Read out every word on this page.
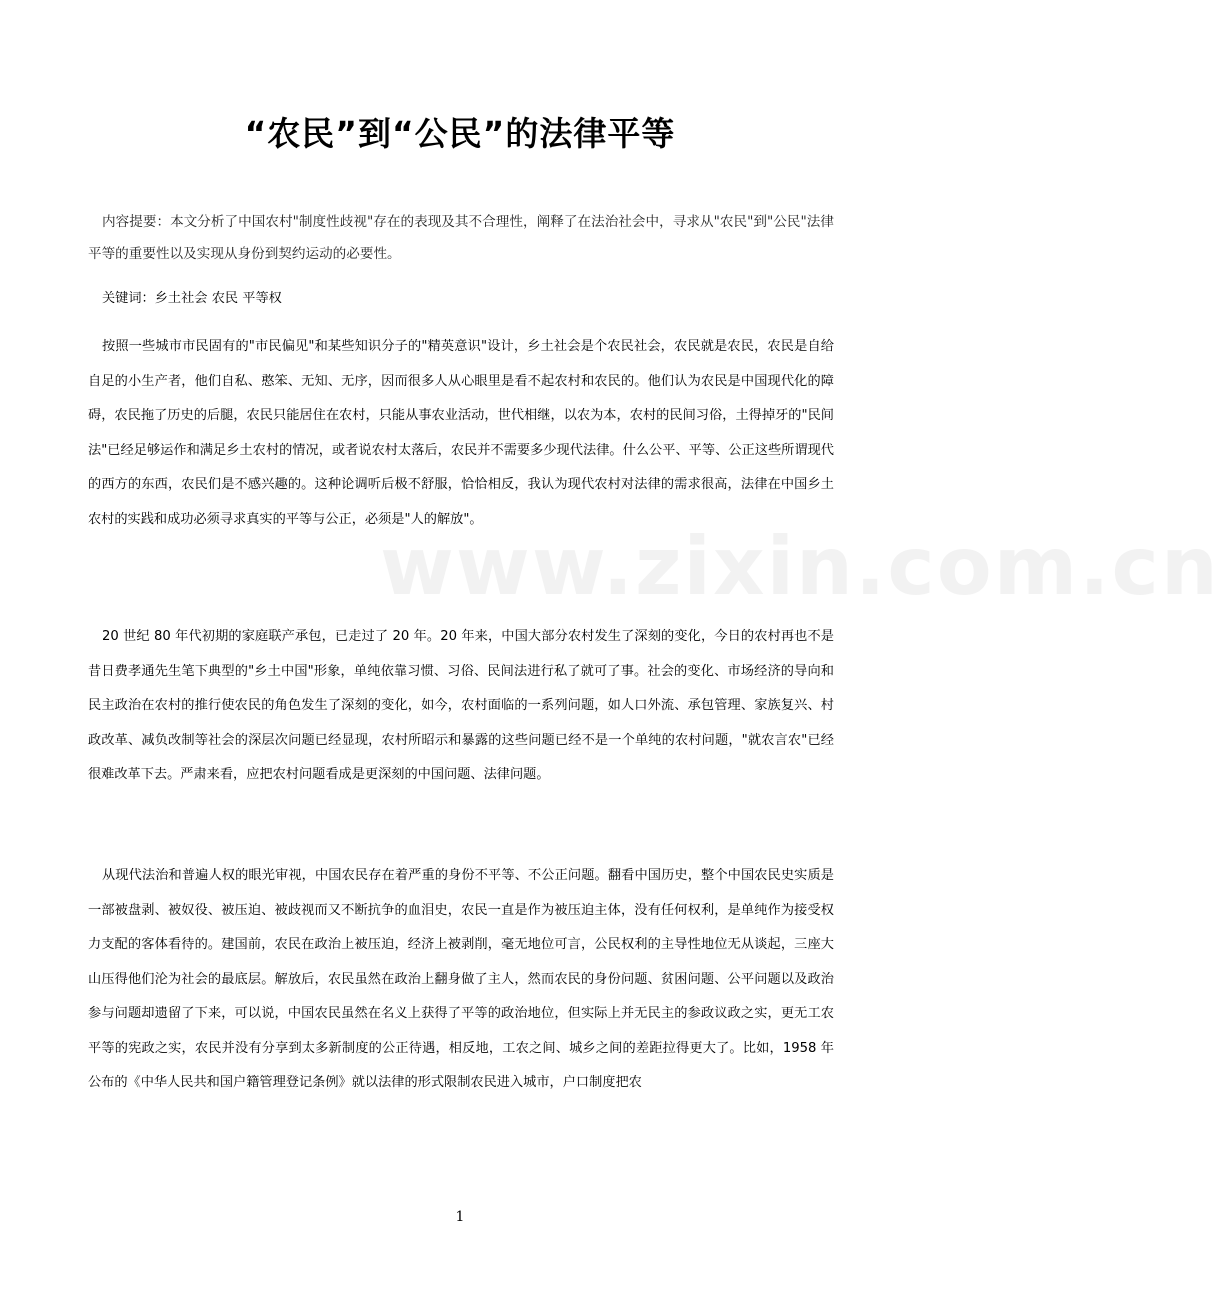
“农民”到“公民”的法律平等

内容提要：本文分析了中国农村"制度性歧视"存在的表现及其不合理性，阐释了在法治社会中，寻求从"农民"到"公民"法律平等的重要性以及实现从身份到契约运动的必要性。

关键词：乡土社会 农民 平等权

按照一些城市市民固有的"市民偏见"和某些知识分子的"精英意识"设计，乡土社会是个农民社会，农民就是农民，农民是自给自足的小生产者，他们自私、憨笨、无知、无序，因而很多人从心眼里是看不起农村和农民的。他们认为农民是中国现代化的障碍，农民拖了历史的后腿，农民只能居住在农村，只能从事农业活动，世代相继，以农为本，农村的民间习俗，土得掉牙的"民间法"已经足够运作和满足乡土农村的情况，或者说农村太落后，农民并不需要多少现代法律。什么公平、平等、公正这些所谓现代的西方的东西，农民们是不感兴趣的。这种论调听后极不舒服，恰恰相反，我认为现代农村对法律的需求很高，法律在中国乡土农村的实践和成功必须寻求真实的平等与公正，必须是"人的解放"。

20 世纪 80 年代初期的家庭联产承包，已走过了 20 年。20 年来，中国大部分农村发生了深刻的变化，今日的农村再也不是昔日费孝通先生笔下典型的"乡土中国"形象，单纯依靠习惯、习俗、民间法进行私了就可了事。社会的变化、市场经济的导向和民主政治在农村的推行使农民的角色发生了深刻的变化，如今，农村面临的一系列问题，如人口外流、承包管理、家族复兴、村政改革、减负改制等社会的深层次问题已经显现，农村所昭示和暴露的这些问题已经不是一个单纯的农村问题，"就农言农"已经很难改革下去。严肃来看，应把农村问题看成是更深刻的中国问题、法律问题。

从现代法治和普遍人权的眼光审视，中国农民存在着严重的身份不平等、不公正问题。翻看中国历史，整个中国农民史实质是一部被盘剥、被奴役、被压迫、被歧视而又不断抗争的血泪史，农民一直是作为被压迫主体，没有任何权利，是单纯作为接受权力支配的客体看待的。建国前，农民在政治上被压迫，经济上被剥削，毫无地位可言，公民权利的主导性地位无从谈起，三座大山压得他们沦为社会的最底层。解放后，农民虽然在政治上翻身做了主人，然而农民的身份问题、贫困问题、公平问题以及政治参与问题却遗留了下来，可以说，中国农民虽然在名义上获得了平等的政治地位，但实际上并无民主的参政议政之实，更无工农平等的宪政之实，农民并没有分享到太多新制度的公正待遇，相反地，工农之间、城乡之间的差距拉得更大了。比如，1958 年公布的《中华人民共和国户籍管理登记条例》就以法律的形式限制农民进入城市，户口制度把农

www.zixin.com.cn

1
